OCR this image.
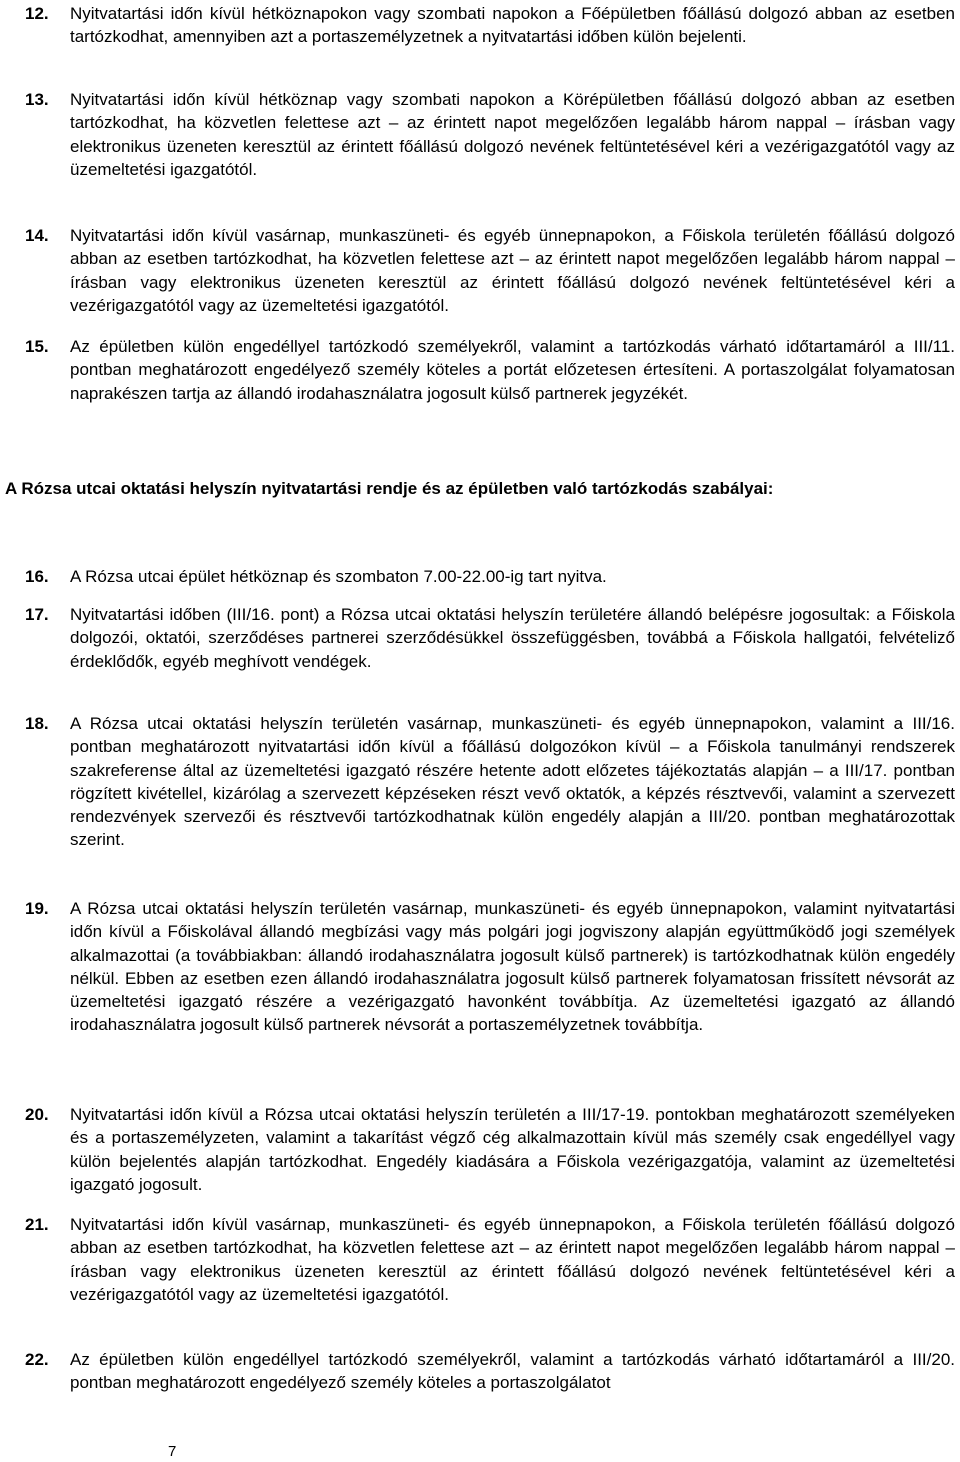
12. Nyitvatartási időn kívül hétköznapokon vagy szombati napokon a Főépületben főállású dolgozó abban az esetben tartózkodhat, amennyiben azt a portaszemélyzetnek a nyitvatartási időben külön bejelenti.
13. Nyitvatartási időn kívül hétköznap vagy szombati napokon a Körépületben főállású dolgozó abban az esetben tartózkodhat, ha közvetlen felettese azt – az érintett napot megelőzően legalább három nappal – írásban vagy elektronikus üzeneten keresztül az érintett főállású dolgozó nevének feltüntetésével kéri a vezérigazgatótól vagy az üzemeltetési igazgatótól.
14. Nyitvatartási időn kívül vasárnap, munkaszüneti- és egyéb ünnepnapokon, a Főiskola területén főállású dolgozó abban az esetben tartózkodhat, ha közvetlen felettese azt – az érintett napot megelőzően legalább három nappal – írásban vagy elektronikus üzeneten keresztül az érintett főállású dolgozó nevének feltüntetésével kéri a vezérigazgatótól vagy az üzemeltetési igazgatótól.
15. Az épületben külön engedéllyel tartózkodó személyekről, valamint a tartózkodás várható időtartamáról a III/11. pontban meghatározott engedélyező személy köteles a portát előzetesen értesíteni. A portaszolgálat folyamatosan naprakészen tartja az állandó irodahasználatra jogosult külső partnerek jegyzékét.
A Rózsa utcai oktatási helyszín nyitvatartási rendje és az épületben való tartózkodás szabályai:
16. A Rózsa utcai épület hétköznap és szombaton 7.00-22.00-ig tart nyitva.
17. Nyitvatartási időben (III/16. pont) a Rózsa utcai oktatási helyszín területére állandó belépésre jogosultak: a Főiskola dolgozói, oktatói, szerződéses partnerei szerződésükkel összefüggésben, továbbá a Főiskola hallgatói, felvételiző érdeklődők, egyéb meghívott vendégek.
18. A Rózsa utcai oktatási helyszín területén vasárnap, munkaszüneti- és egyéb ünnepnapokon, valamint a III/16. pontban meghatározott nyitvatartási időn kívül a főállású dolgozókon kívül – a Főiskola tanulmányi rendszerek szakreferense által az üzemeltetési igazgató részére hetente adott előzetes tájékoztatás alapján – a III/17. pontban rögzített kivétellel, kizárólag a szervezett képzéseken részt vevő oktatók, a képzés résztvevői, valamint a szervezett rendezvények szervezői és résztvevői tartózkodhatnak külön engedély alapján a III/20. pontban meghatározottak szerint.
19. A Rózsa utcai oktatási helyszín területén vasárnap, munkaszüneti- és egyéb ünnepnapokon, valamint nyitvatartási időn kívül a Főiskolával állandó megbízási vagy más polgári jogi jogviszony alapján együttműködő jogi személyek alkalmazottai (a továbbiakban: állandó irodahasználatra jogosult külső partnerek) is tartózkodhatnak külön engedély nélkül. Ebben az esetben ezen állandó irodahasználatra jogosult külső partnerek folyamatosan frissített névsorát az üzemeltetési igazgató részére a vezérigazgató havonként továbbítja. Az üzemeltetési igazgató az állandó irodahasználatra jogosult külső partnerek névsorát a portaszemélyzetnek továbbítja.
20. Nyitvatartási időn kívül a Rózsa utcai oktatási helyszín területén a III/17-19. pontokban meghatározott személyeken és a portaszemélyzeten, valamint a takarítást végző cég alkalmazottain kívül más személy csak engedéllyel vagy külön bejelentés alapján tartózkodhat. Engedély kiadására a Főiskola vezérigazgatója, valamint az üzemeltetési igazgató jogosult.
21. Nyitvatartási időn kívül vasárnap, munkaszüneti- és egyéb ünnepnapokon, a Főiskola területén főállású dolgozó abban az esetben tartózkodhat, ha közvetlen felettese azt – az érintett napot megelőzően legalább három nappal – írásban vagy elektronikus üzeneten keresztül az érintett főállású dolgozó nevének feltüntetésével kéri a vezérigazgatótól vagy az üzemeltetési igazgatótól.
22. Az épületben külön engedéllyel tartózkodó személyekről, valamint a tartózkodás várható időtartamáról a III/20. pontban meghatározott engedélyező személy köteles a portaszolgálatot
7
